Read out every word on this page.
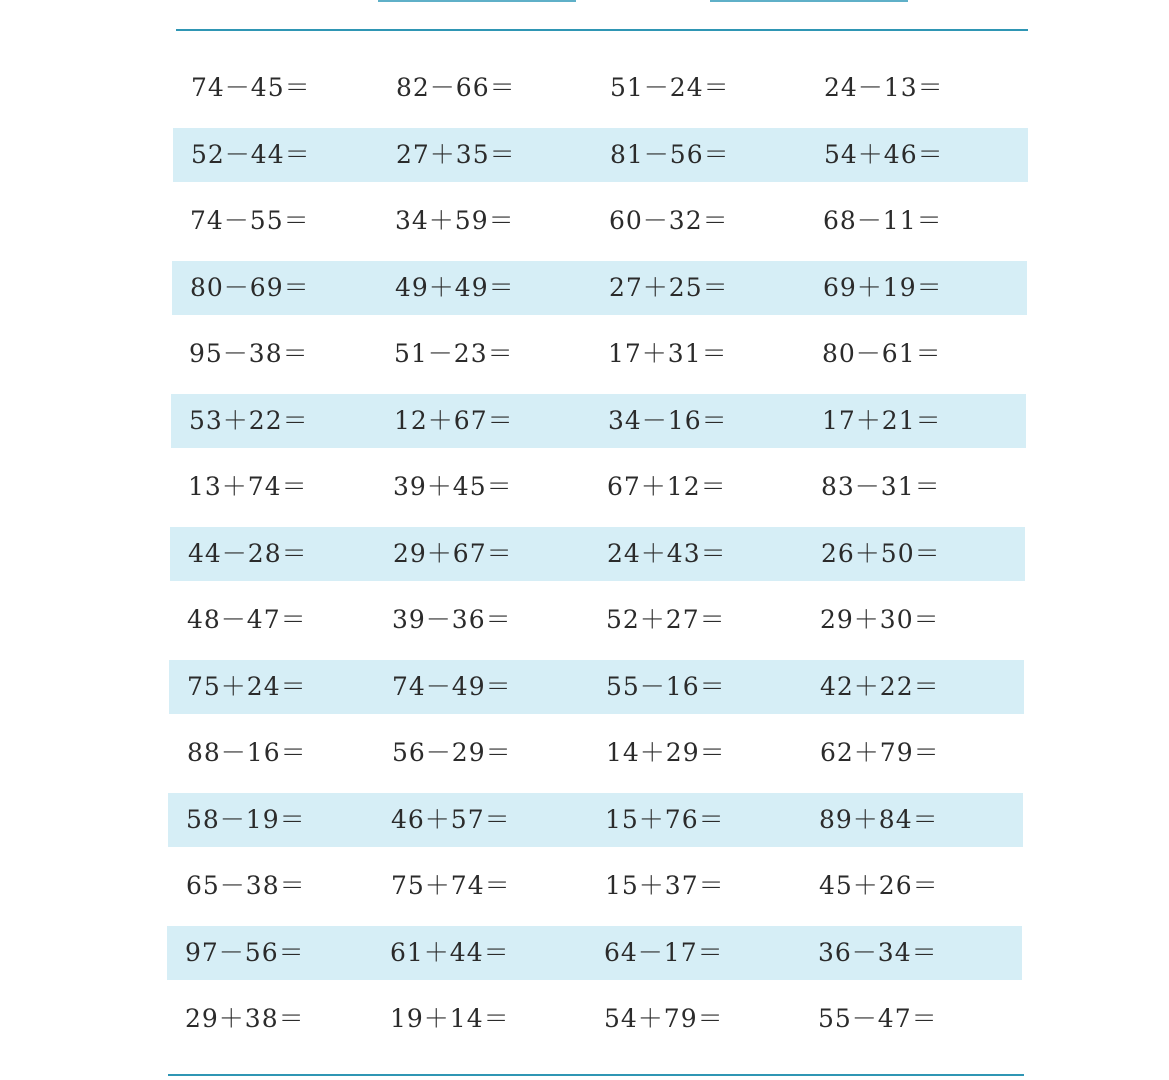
74－45＝	82－66＝	51－24＝	24－13＝
52－44＝	27＋35＝	81－56＝	54＋46＝
74－55＝	34＋59＝	60－32＝	68－11＝
80－69＝	49＋49＝	27＋25＝	69＋19＝
95－38＝	51－23＝	17＋31＝	80－61＝
53＋22＝	12＋67＝	34－16＝	17＋21＝
13＋74＝	39＋45＝	67＋12＝	83－31＝
44－28＝	29＋67＝	24＋43＝	26＋50＝
48－47＝	39－36＝	52＋27＝	29＋30＝
75＋24＝	74－49＝	55－16＝	42＋22＝
88－16＝	56－29＝	14＋29＝	62＋79＝
58－19＝	46＋57＝	15＋76＝	89＋84＝
65－38＝	75＋74＝	15＋37＝	45＋26＝
97－56＝	61＋44＝	64－17＝	36－34＝
29＋38＝	19＋14＝	54＋79＝	55－47＝
